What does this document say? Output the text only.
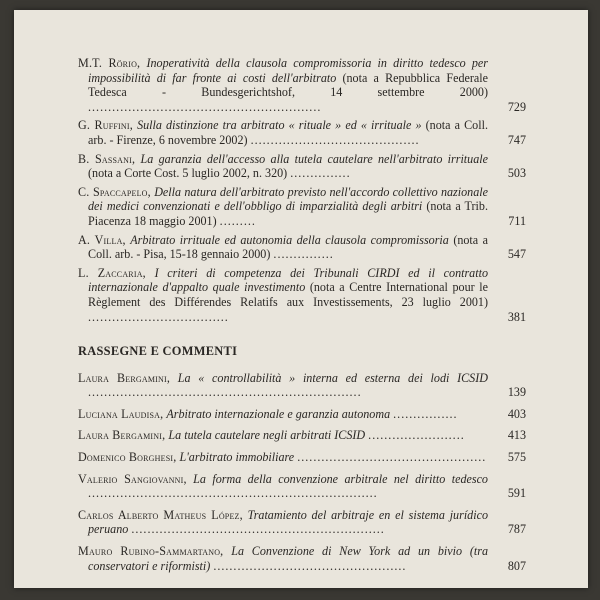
M.T. Rörio, Inoperatività della clausola compromissoria in diritto tedesco per impossibilità di far fronte ai costi dell'arbitrato (nota a Repubblica Federale Tedesca - Bundesgerichtshof, 14 settembre 2000) ..........................................................	729
G. Ruffini, Sulla distinzione tra arbitrato « rituale » ed « irrituale » (nota a Coll. arb. - Firenze, 6 novembre 2002) ..........................................	747
B. Sassani, La garanzia dell'accesso alla tutela cautelare nell'arbitrato irrituale (nota a Corte Cost. 5 luglio 2002, n. 320) ...............	503
C. Spaccapelo, Della natura dell'arbitrato previsto nell'accordo collettivo nazionale dei medici convenzionati e dell'obbligo di imparzialità degli arbitri (nota a Trib. Piacenza 18 maggio 2001) .........	711
A. Villa, Arbitrato irrituale ed autonomia della clausola compromissoria (nota a Coll. arb. - Pisa, 15-18 gennaio 2000) ...............	547
L. Zaccaria, I criteri di competenza dei Tribunali CIRDI ed il contratto internazionale d'appalto quale investimento (nota a Centre International pour le Règlement des Différendes Relatifs aux Investissements, 23 luglio 2001) ...................................	381
RASSEGNE E COMMENTI
Laura Bergamini, La « controllabilità » interna ed esterna dei lodi ICSID ....................................................................	139
Luciana Laudisa, Arbitrato internazionale e garanzia autonoma ................	403
Laura Bergamini, La tutela cautelare negli arbitrati ICSID ........................	413
Domenico Borghesi, L'arbitrato immobiliare ............................................... 575
Valerio Sangiovanni, La forma della convenzione arbitrale nel diritto tedesco ........................................................................	591
Carlos Alberto Matheus López, Tratamiento del arbitraje en el sistema jurídico peruano ...............................................................	787
Mauro Rubino-Sammartano, La Convenzione di New York ad un bivio (tra conservatori e riformisti) ................................................	807
